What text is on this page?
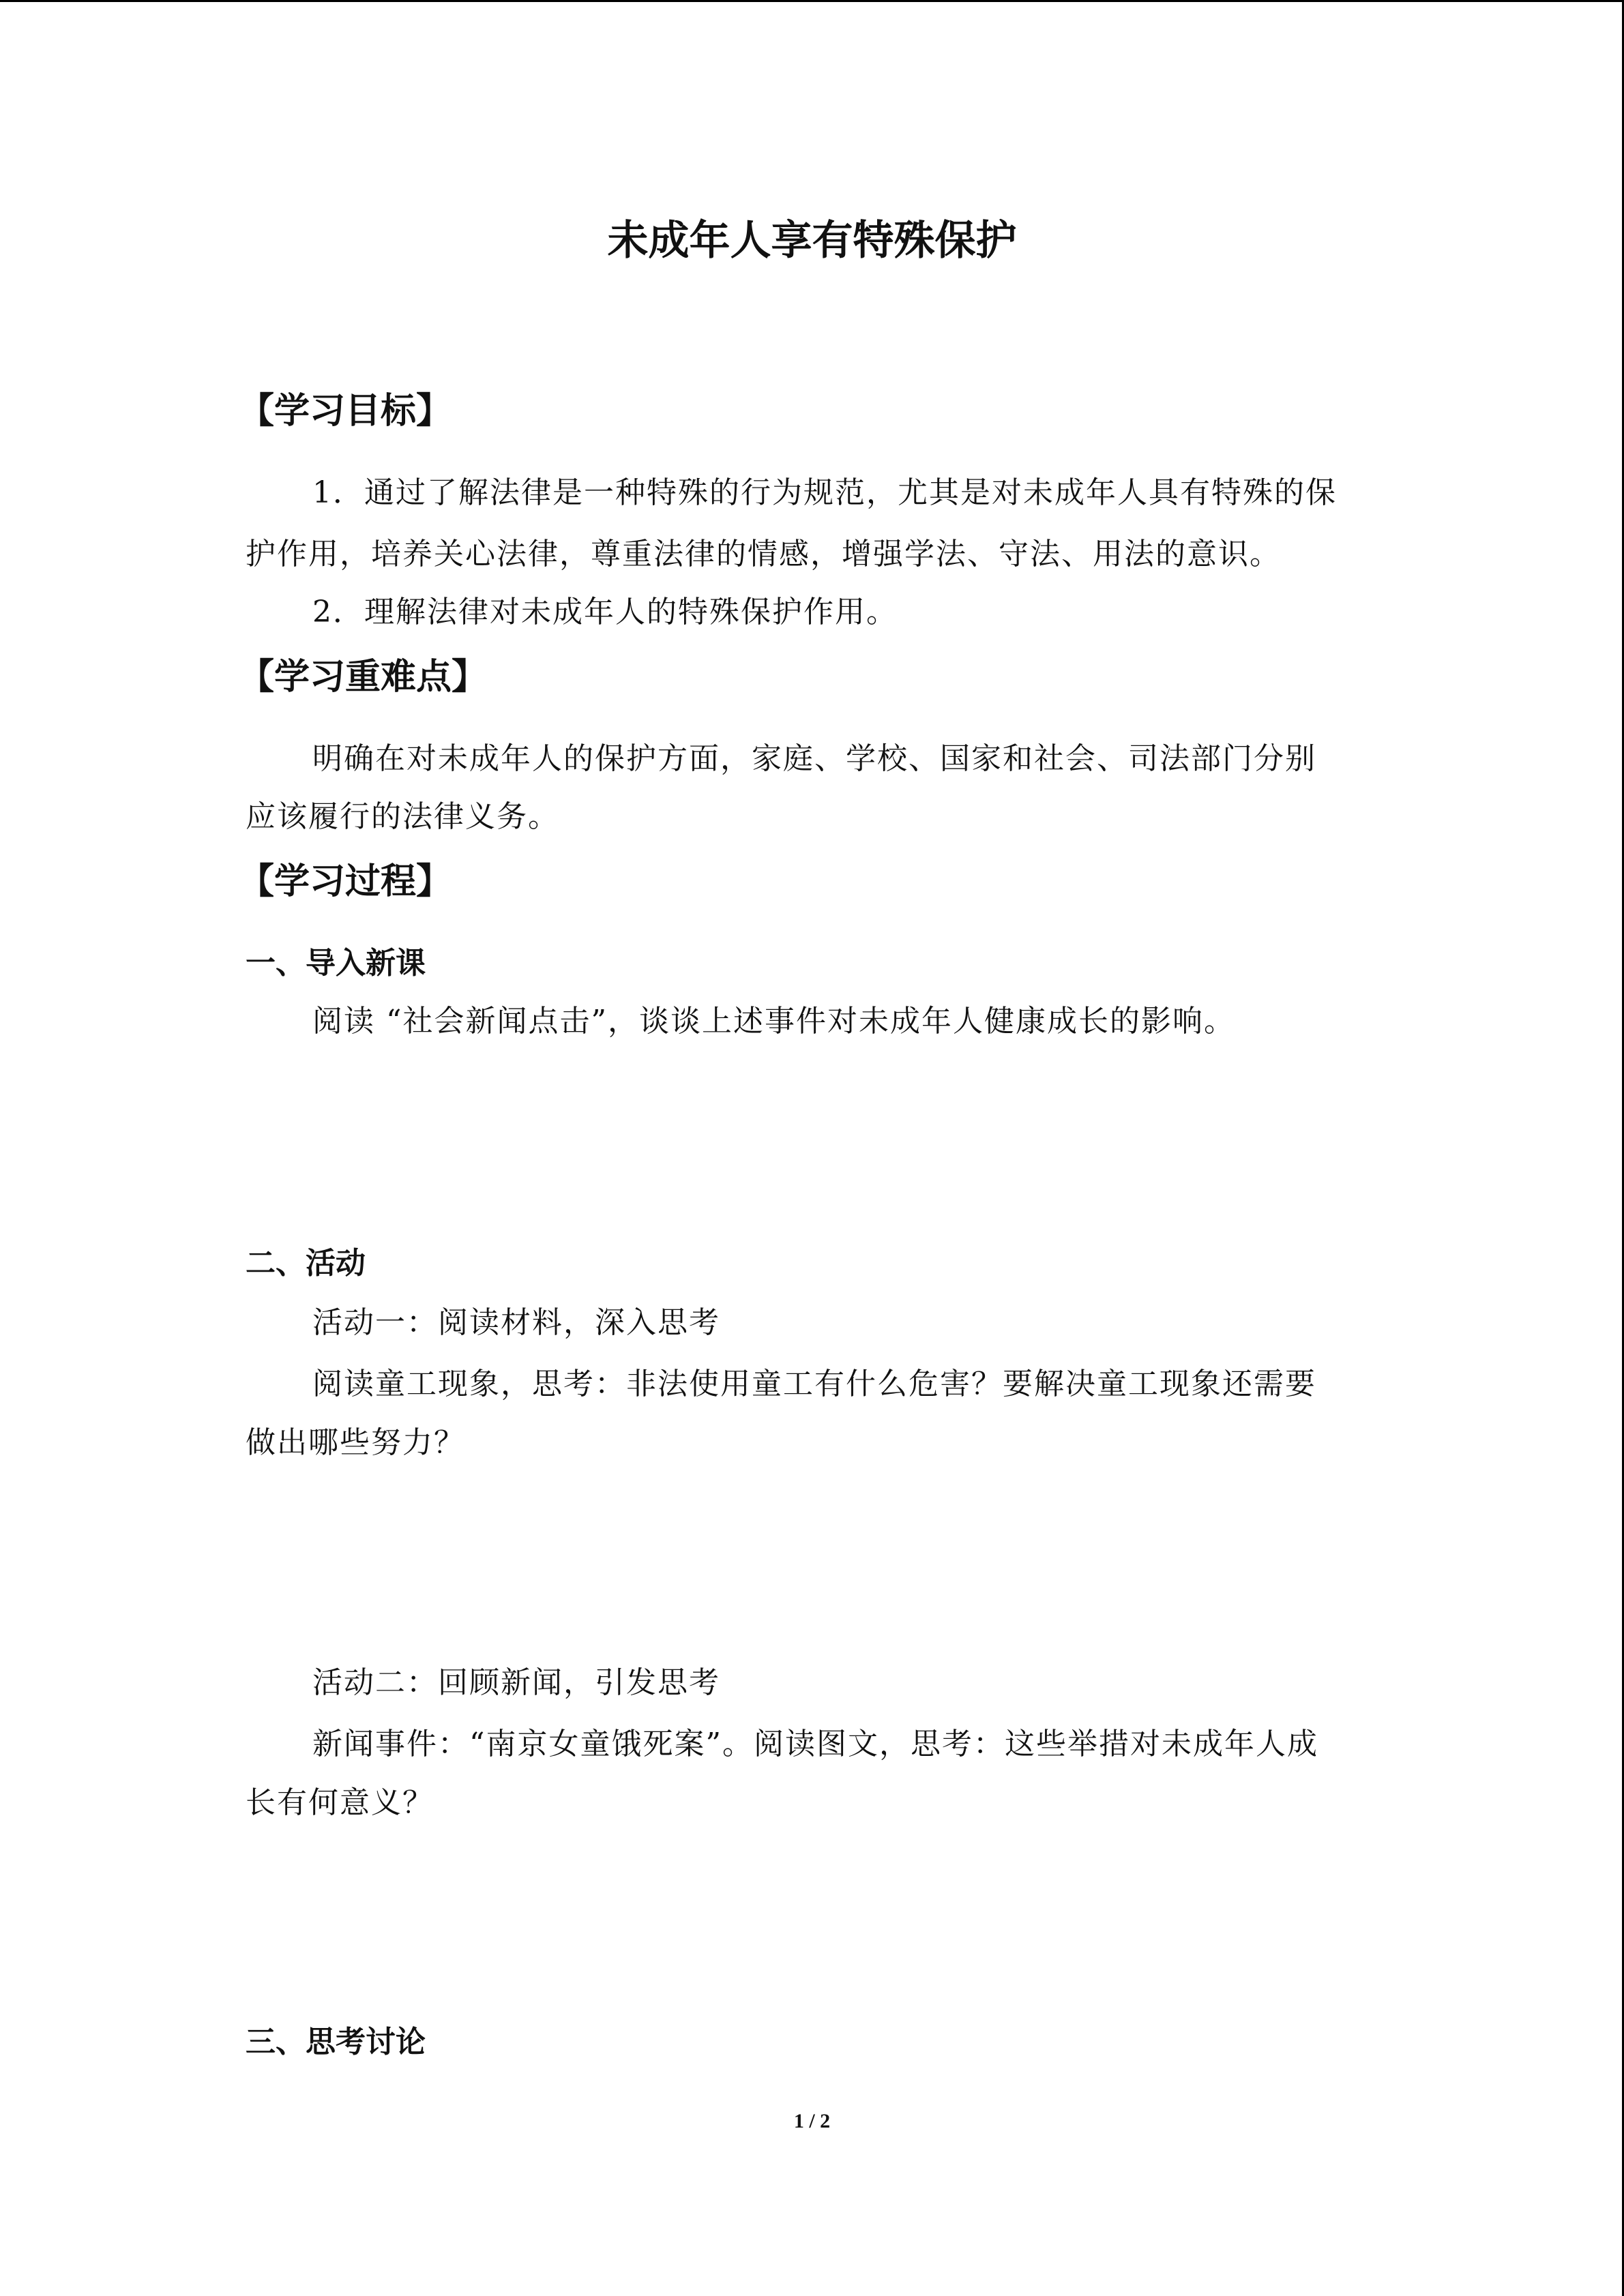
未成年人享有特殊保护
【学习目标】
1．通过了解法律是一种特殊的行为规范，尤其是对未成年人具有特殊的保
护作用，培养关心法律，尊重法律的情感，增强学法、守法、用法的意识。
2．理解法律对未成年人的特殊保护作用。
【学习重难点】
明确在对未成年人的保护方面，家庭、学校、国家和社会、司法部门分别
应该履行的法律义务。
【学习过程】
一、导入新课
阅读 “社会新闻点击”，谈谈上述事件对未成年人健康成长的影响。
二、活动
活动一：阅读材料，深入思考
阅读童工现象，思考：非法使用童工有什么危害？要解决童工现象还需要
做出哪些努力？
活动二：回顾新闻，引发思考
新闻事件：“南京女童饿死案”。阅读图文，思考：这些举措对未成年人成
长有何意义？
三、思考讨论
1 / 2
